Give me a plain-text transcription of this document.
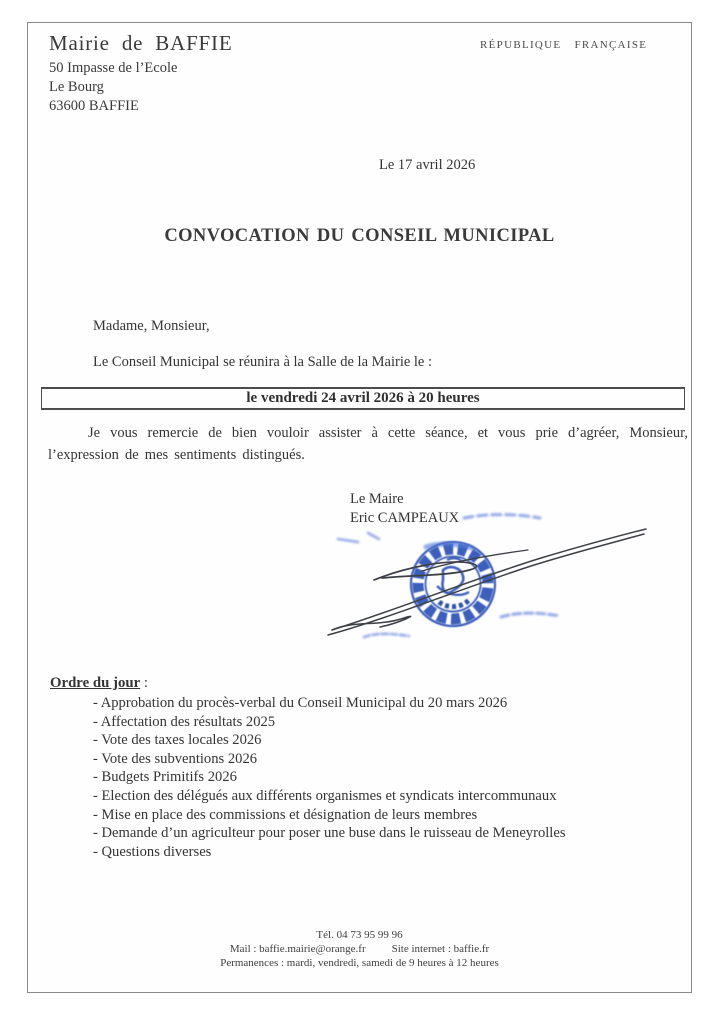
Mairie de BAFFIE
50 Impasse de l’Ecole
Le Bourg
63600 BAFFIE
RÉPUBLIQUE FRANÇAISE
Le 17 avril 2026
CONVOCATION DU CONSEIL MUNICIPAL
Madame, Monsieur,
Le Conseil Municipal se réunira à la Salle de la Mairie le :
le vendredi 24 avril 2026 à 20 heures
Je vous remercie de bien vouloir assister à cette séance, et vous prie d’agréer, Monsieur, l’expression de mes sentiments distingués.
Le Maire
Eric CAMPEAUX
Ordre du jour :
- Approbation du procès-verbal du Conseil Municipal du 20 mars 2026
- Affectation des résultats 2025
- Vote des taxes locales 2026
- Vote des subventions 2026
- Budgets Primitifs 2026
- Election des délégués aux différents organismes et syndicats intercommunaux
- Mise en place des commissions et désignation de leurs membres
- Demande d’un agriculteur pour poser une buse dans le ruisseau de Meneyrolles
- Questions diverses
Tél. 04 73 95 99 96
Mail : baffie.mairie@orange.fr Site internet : baffie.fr
Permanences : mardi, vendredi, samedi de 9 heures à 12 heures
